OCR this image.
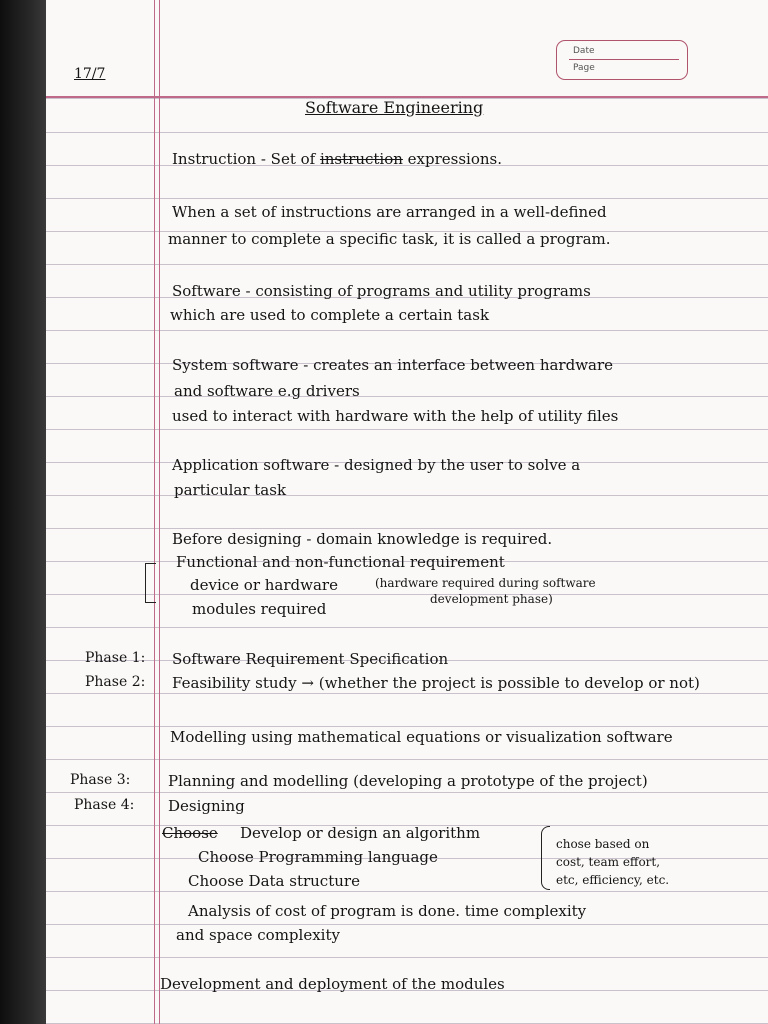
Date
Page
17/7
Software Engineering
Instruction - Set of instruction expressions.
When a set of instructions are arranged in a well-defined
manner to complete a specific task, it is called a program.
Software - consisting of programs and utility programs
which are used to complete a certain task
System software - creates an interface between hardware
and software e.g drivers
used to interact with hardware with the help of utility files
Application software - designed by the user to solve a
particular task
Before designing - domain knowledge is required.
Functional and non-functional requirement
device or hardware	(hardware required during software
development phase)
modules required
Phase 1: Software Requirement Specification
Phase 2: Feasibility study → (whether the project is possible to develop or not)
Modelling using mathematical equations or visualization software
Phase 3:	Planning and modelling (developing a prototype of the project)
Phase 4: Designing
Choose Develop or design an algorithm
Choose Programming language
Choose Data structure
chose based on
cost, team effort,
etc, efficiency, etc.
Analysis of cost of program is done. time complexity
and space complexity
Development and deployment of the modules
